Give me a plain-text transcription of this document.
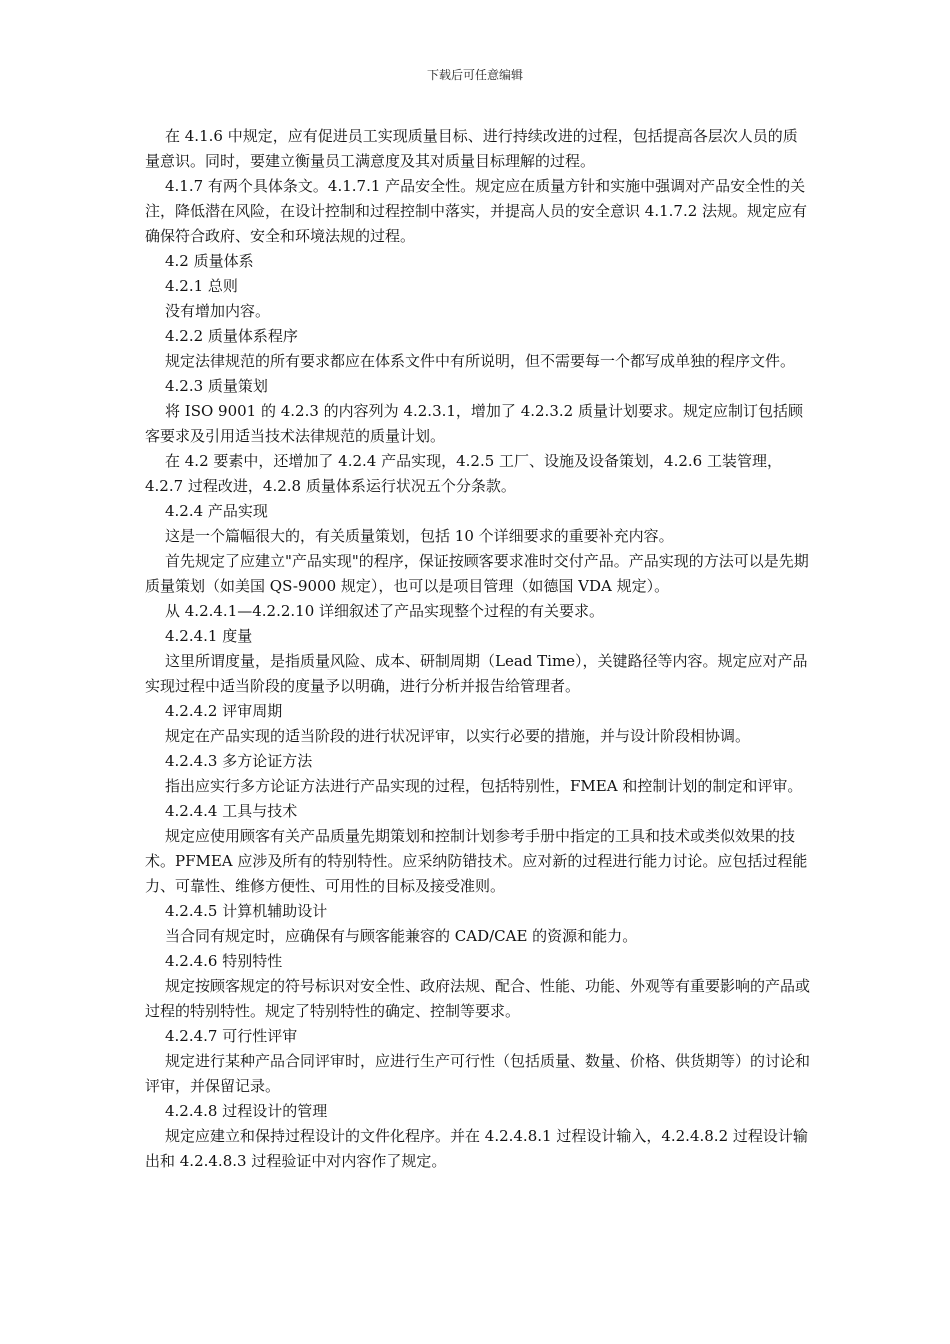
下载后可任意编辑

在 4.1.6 中规定，应有促进员工实现质量目标、进行持续改进的过程，包括提高各层次人员的质量意识。同时，要建立衡量员工满意度及其对质量目标理解的过程。

4.1.7 有两个具体条文。4.1.7.1 产品安全性。规定应在质量方针和实施中强调对产品安全性的关注，降低潜在风险，在设计控制和过程控制中落实，并提高人员的安全意识 4.1.7.2 法规。规定应有确保符合政府、安全和环境法规的过程。

4.2 质量体系

4.2.1 总则

没有增加内容。

4.2.2 质量体系程序

规定法律规范的所有要求都应在体系文件中有所说明，但不需要每一个都写成单独的程序文件。

4.2.3 质量策划

将 ISO 9001 的 4.2.3 的内容列为 4.2.3.1，增加了 4.2.3.2 质量计划要求。规定应制订包括顾客要求及引用适当技术法律规范的质量计划。

在 4.2 要素中，还增加了 4.2.4 产品实现，4.2.5 工厂、设施及设备策划，4.2.6 工装管理，4.2.7 过程改进，4.2.8 质量体系运行状况五个分条款。

4.2.4 产品实现

这是一个篇幅很大的，有关质量策划，包括 10 个详细要求的重要补充内容。

首先规定了应建立"产品实现"的程序，保证按顾客要求准时交付产品。产品实现的方法可以是先期质量策划（如美国 QS-9000 规定），也可以是项目管理（如德国 VDA 规定）。

从 4.2.4.1—4.2.2.10 详细叙述了产品实现整个过程的有关要求。

4.2.4.1 度量

这里所谓度量，是指质量风险、成本、研制周期（Lead Time），关键路径等内容。规定应对产品实现过程中适当阶段的度量予以明确，进行分析并报告给管理者。

4.2.4.2 评审周期

规定在产品实现的适当阶段的进行状况评审，以实行必要的措施，并与设计阶段相协调。

4.2.4.3 多方论证方法

指出应实行多方论证方法进行产品实现的过程，包括特别性，FMEA 和控制计划的制定和评审。

4.2.4.4 工具与技术

规定应使用顾客有关产品质量先期策划和控制计划参考手册中指定的工具和技术或类似效果的技术。PFMEA 应涉及所有的特别特性。应采纳防错技术。应对新的过程进行能力讨论。应包括过程能力、可靠性、维修方便性、可用性的目标及接受准则。

4.2.4.5 计算机辅助设计

当合同有规定时，应确保有与顾客能兼容的 CAD/CAE 的资源和能力。

4.2.4.6 特别特性

规定按顾客规定的符号标识对安全性、政府法规、配合、性能、功能、外观等有重要影响的产品或过程的特别特性。规定了特别特性的确定、控制等要求。

4.2.4.7 可行性评审

规定进行某种产品合同评审时，应进行生产可行性（包括质量、数量、价格、供货期等）的讨论和评审，并保留记录。

4.2.4.8 过程设计的管理

规定应建立和保持过程设计的文件化程序。并在 4.2.4.8.1 过程设计输入，4.2.4.8.2 过程设计输出和 4.2.4.8.3 过程验证中对内容作了规定。
